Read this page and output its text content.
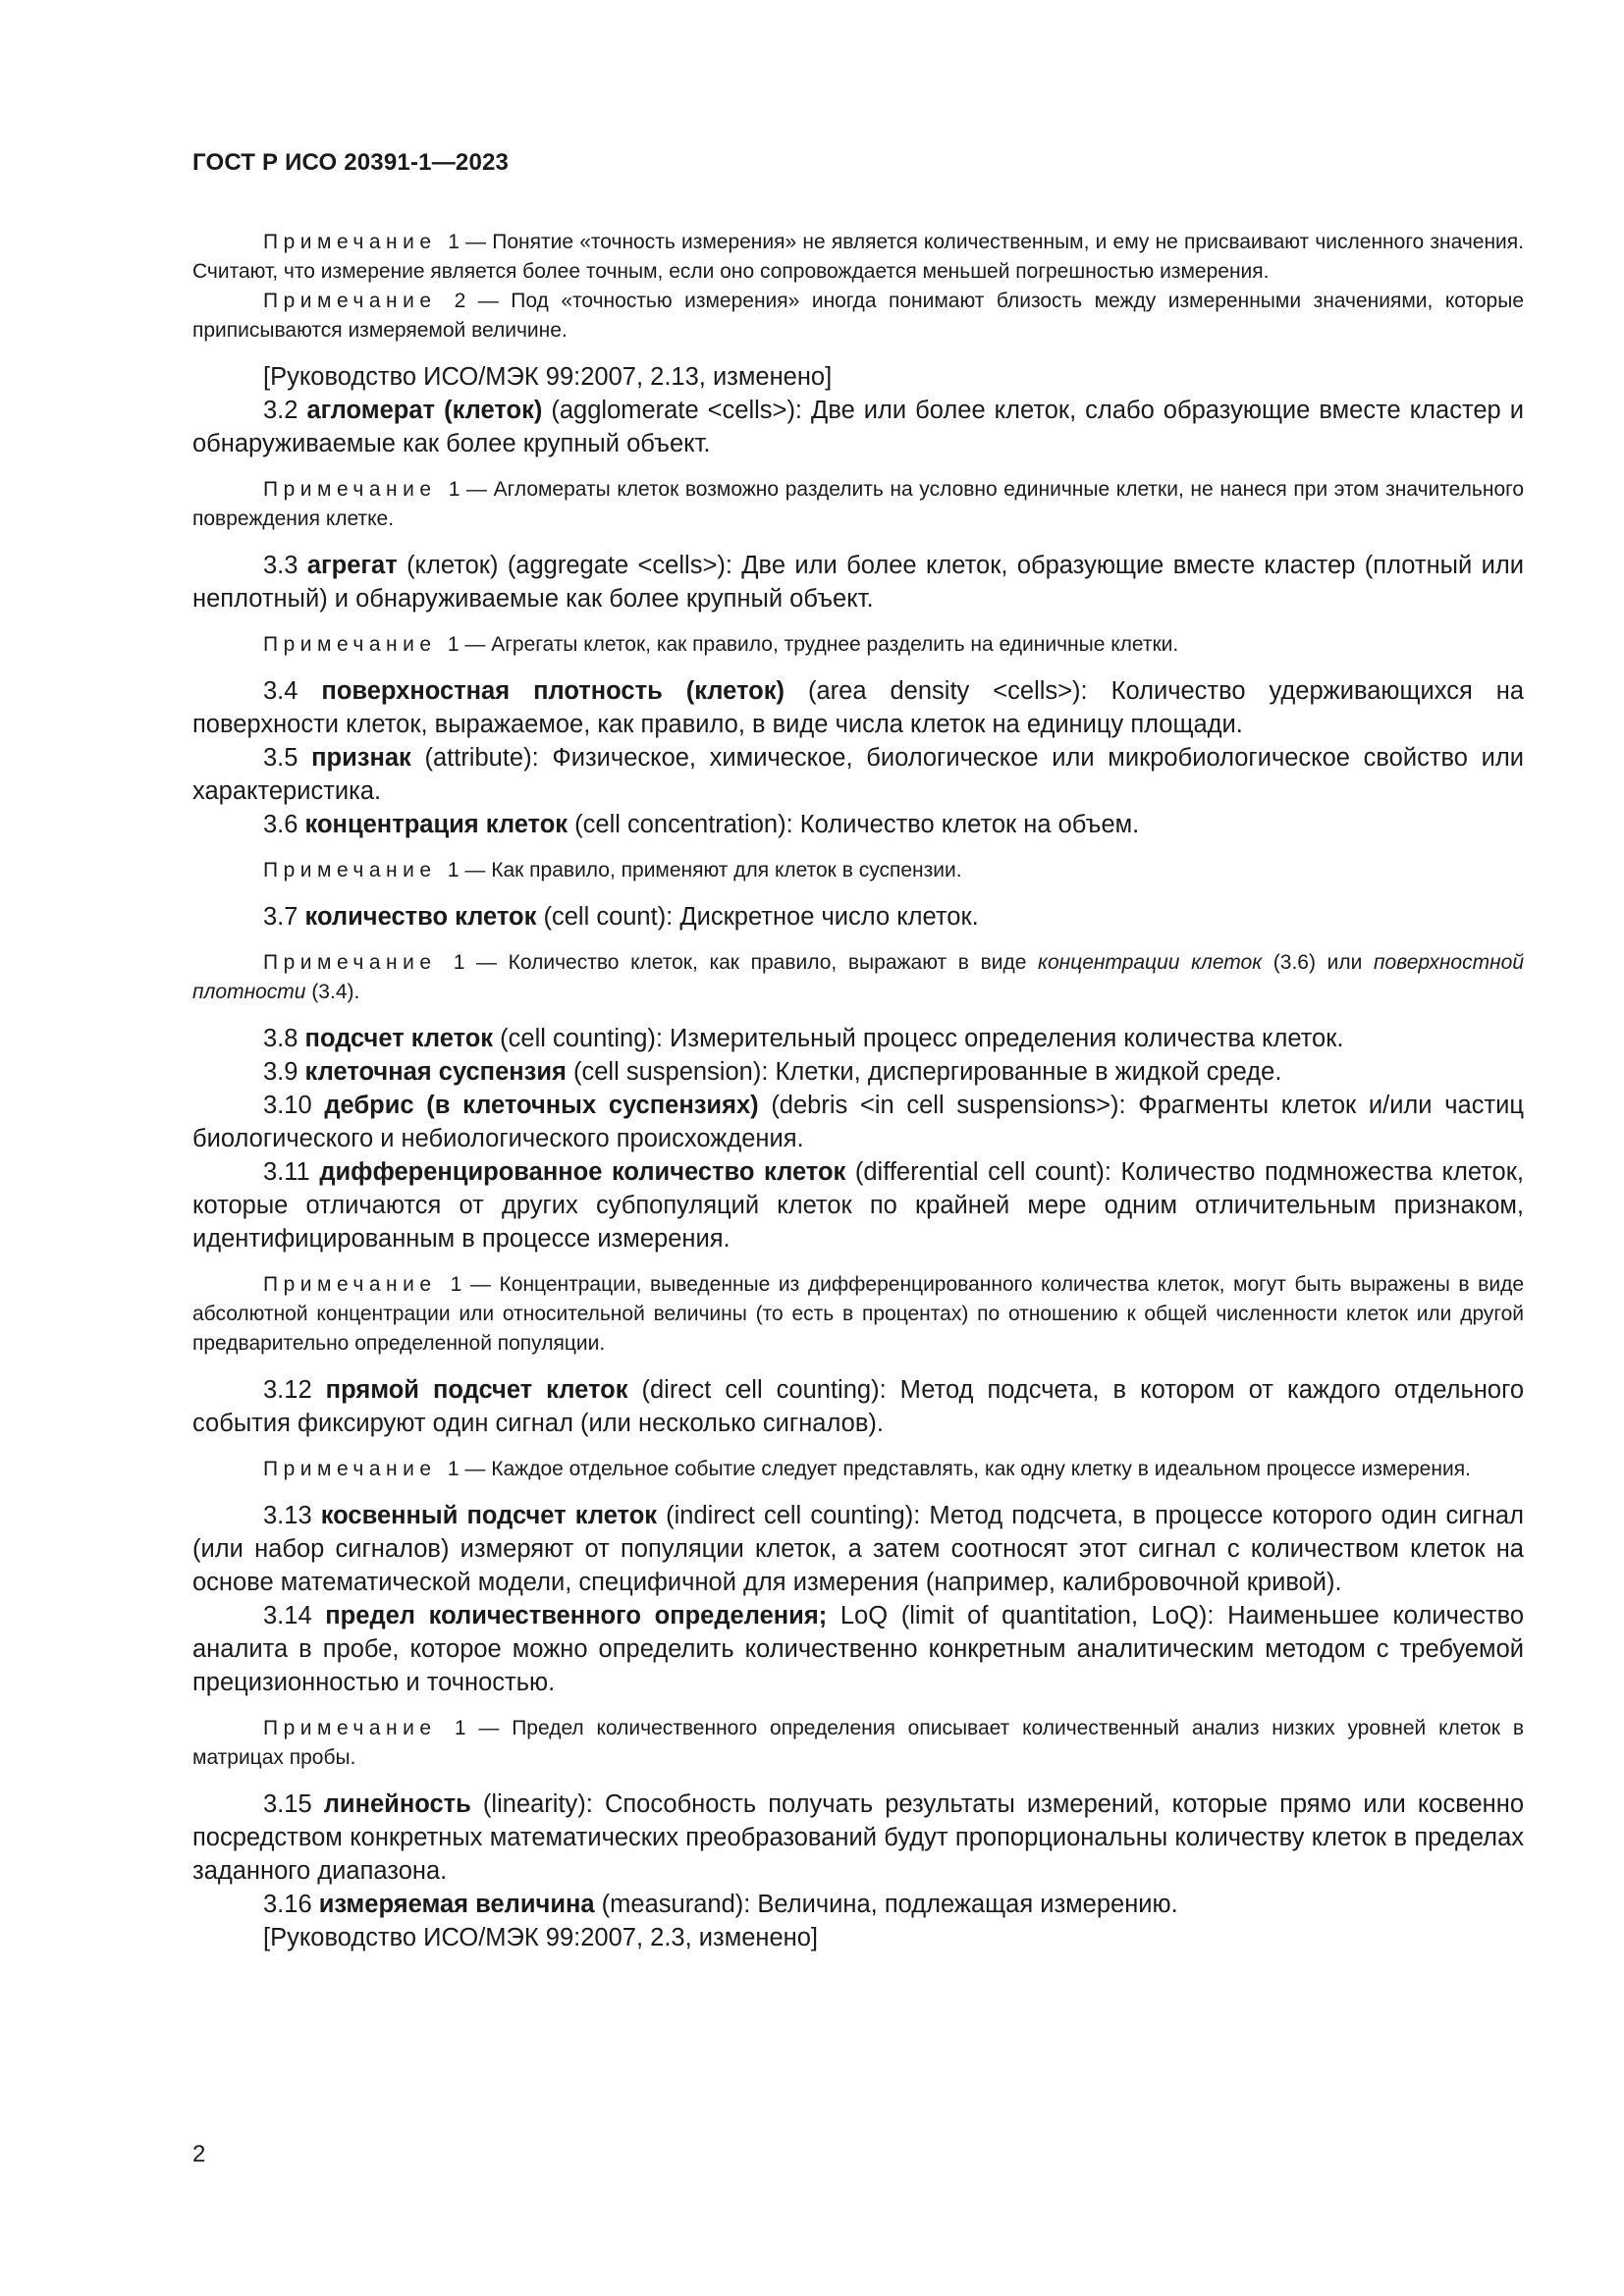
ГОСТ Р ИСО 20391-1—2023

Примечание 1 — Понятие «точность измерения» не является количественным, и ему не присваивают численного значения. Считают, что измерение является более точным, если оно сопровождается меньшей погрешностью измерения.

Примечание 2 — Под «точностью измерения» иногда понимают близость между измеренными значениями, которые приписываются измеряемой величине.

[Руководство ИСО/МЭК 99:2007, 2.13, изменено]

3.2 агломерат (клеток) (agglomerate <cells>): Две или более клеток, слабо образующие вместе кластер и обнаруживаемые как более крупный объект.

Примечание 1 — Агломераты клеток возможно разделить на условно единичные клетки, не нанеся при этом значительного повреждения клетке.

3.3 агрегат (клеток) (aggregate <cells>): Две или более клеток, образующие вместе кластер (плотный или неплотный) и обнаруживаемые как более крупный объект.

Примечание 1 — Агрегаты клеток, как правило, труднее разделить на единичные клетки.

3.4 поверхностная плотность (клеток) (area density <cells>): Количество удерживающихся на поверхности клеток, выражаемое, как правило, в виде числа клеток на единицу площади.

3.5 признак (attribute): Физическое, химическое, биологическое или микробиологическое свойство или характеристика.

3.6 концентрация клеток (cell concentration): Количество клеток на объем.

Примечание 1 — Как правило, применяют для клеток в суспензии.

3.7 количество клеток (cell count): Дискретное число клеток.

Примечание 1 — Количество клеток, как правило, выражают в виде концентрации клеток (3.6) или поверхностной плотности (3.4).

3.8 подсчет клеток (cell counting): Измерительный процесс определения количества клеток.

3.9 клеточная суспензия (cell suspension): Клетки, диспергированные в жидкой среде.

3.10 дебрис (в клеточных суспензиях) (debris <in cell suspensions>): Фрагменты клеток и/или частиц биологического и небиологического происхождения.

3.11 дифференцированное количество клеток (differential cell count): Количество подмножества клеток, которые отличаются от других субпопуляций клеток по крайней мере одним отличительным признаком, идентифицированным в процессе измерения.

Примечание 1 — Концентрации, выведенные из дифференцированного количества клеток, могут быть выражены в виде абсолютной концентрации или относительной величины (то есть в процентах) по отношению к общей численности клеток или другой предварительно определенной популяции.

3.12 прямой подсчет клеток (direct cell counting): Метод подсчета, в котором от каждого отдельного события фиксируют один сигнал (или несколько сигналов).

Примечание 1 — Каждое отдельное событие следует представлять, как одну клетку в идеальном процессе измерения.

3.13 косвенный подсчет клеток (indirect cell counting): Метод подсчета, в процессе которого один сигнал (или набор сигналов) измеряют от популяции клеток, а затем соотносят этот сигнал с количеством клеток на основе математической модели, специфичной для измерения (например, калибровочной кривой).

3.14 предел количественного определения; LoQ (limit of quantitation, LoQ): Наименьшее количество аналита в пробе, которое можно определить количественно конкретным аналитическим методом с требуемой прецизионностью и точностью.

Примечание 1 — Предел количественного определения описывает количественный анализ низких уровней клеток в матрицах пробы.

3.15 линейность (linearity): Способность получать результаты измерений, которые прямо или косвенно посредством конкретных математических преобразований будут пропорциональны количеству клеток в пределах заданного диапазона.

3.16 измеряемая величина (measurand): Величина, подлежащая измерению.

[Руководство ИСО/МЭК 99:2007, 2.3, изменено]

2
